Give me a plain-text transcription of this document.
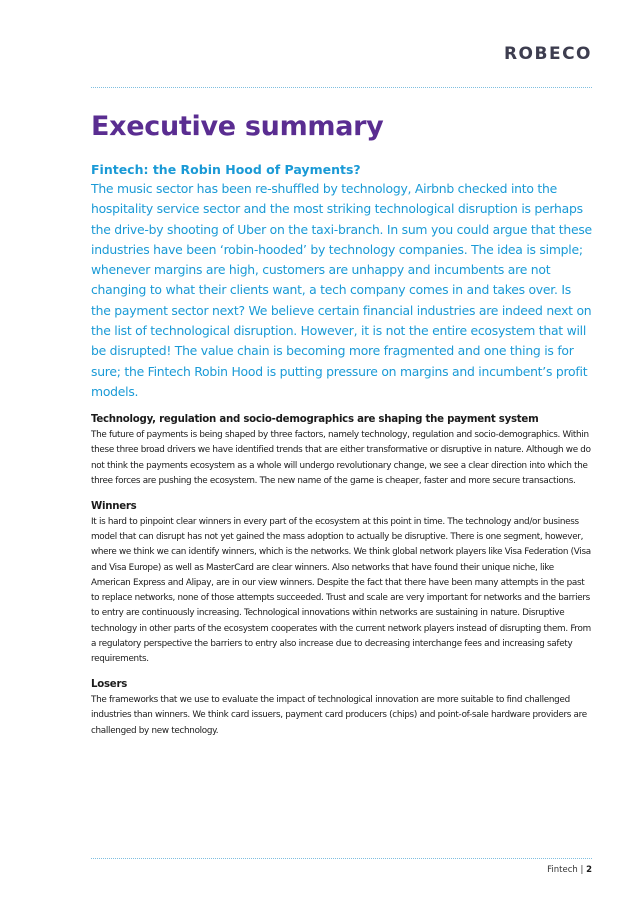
ROBECO
Executive summary
Fintech: the Robin Hood of Payments?
The music sector has been re-shuffled by technology, Airbnb checked into the hospitality service sector and the most striking technological disruption is perhaps the drive-by shooting of Uber on the taxi-branch. In sum you could argue that these industries have been ‘robin-hooded’ by technology companies. The idea is simple; whenever margins are high, customers are unhappy and incumbents are not changing to what their clients want, a tech company comes in and takes over. Is the payment sector next? We believe certain financial industries are indeed next on the list of technological disruption. However, it is not the entire ecosystem that will be disrupted! The value chain is becoming more fragmented and one thing is for sure; the Fintech Robin Hood is putting pressure on margins and incumbent’s profit models.
Technology, regulation and socio-demographics are shaping the payment system
The future of payments is being shaped by three factors, namely technology, regulation and socio-demographics. Within these three broad drivers we have identified trends that are either transformative or disruptive in nature. Although we do not think the payments ecosystem as a whole will undergo revolutionary change, we see a clear direction into which the three forces are pushing the ecosystem. The new name of the game is cheaper, faster and more secure transactions.
Winners
It is hard to pinpoint clear winners in every part of the ecosystem at this point in time. The technology and/or business model that can disrupt has not yet gained the mass adoption to actually be disruptive. There is one segment, however, where we think we can identify winners, which is the networks. We think global network players like Visa Federation (Visa and Visa Europe) as well as MasterCard are clear winners. Also networks that have found their unique niche, like American Express and Alipay, are in our view winners. Despite the fact that there have been many attempts in the past to replace networks, none of those attempts succeeded. Trust and scale are very important for networks and the barriers to entry are continuously increasing. Technological innovations within networks are sustaining in nature. Disruptive technology in other parts of the ecosystem cooperates with the current network players instead of disrupting them. From a regulatory perspective the barriers to entry also increase due to decreasing interchange fees and increasing safety requirements.
Losers
The frameworks that we use to evaluate the impact of technological innovation are more suitable to find challenged industries than winners. We think card issuers, payment card producers (chips) and point-of-sale hardware providers are challenged by new technology.
Fintech | 2
